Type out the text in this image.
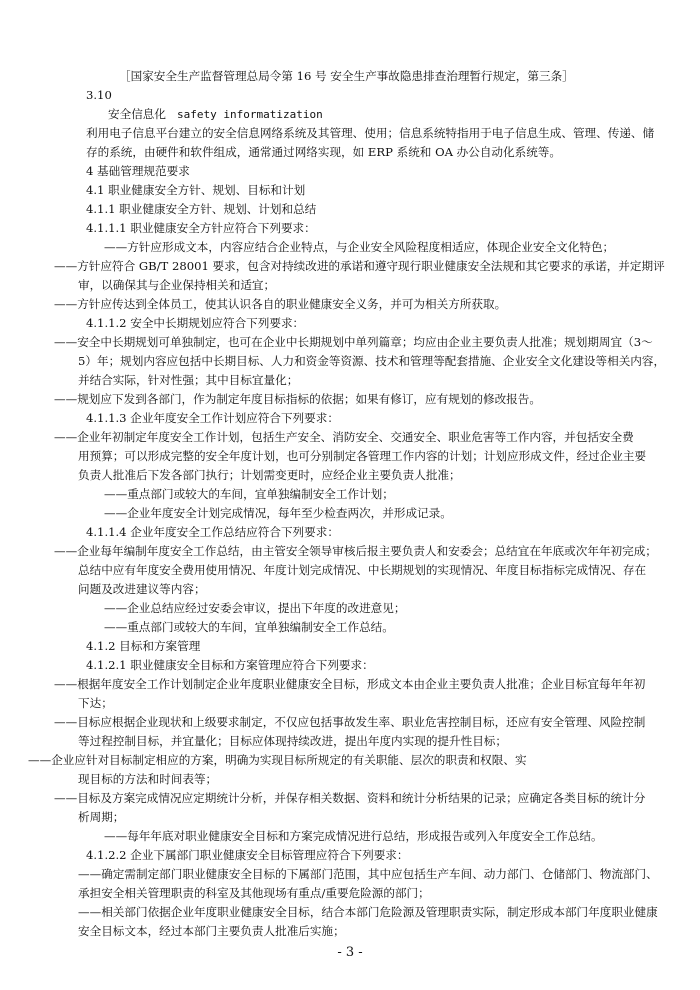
［国家安全生产监督管理总局令第 16 号 安全生产事故隐患排查治理暂行规定，第三条］
3.10
安全信息化 safety informatization
利用电子信息平台建立的安全信息网络系统及其管理、使用；信息系统特指用于电子信息生成、管理、传递、储
存的系统，由硬件和软件组成，通常通过网络实现，如 ERP 系统和 OA 办公自动化系统等。
4 基础管理规范要求
4.1 职业健康安全方针、规划、目标和计划
4.1.1 职业健康安全方针、规划、计划和总结
4.1.1.1 职业健康安全方针应符合下列要求：
——方针应形成文本，内容应结合企业特点，与企业安全风险程度相适应，体现企业安全文化特色；
——方针应符合 GB/T 28001 要求，包含对持续改进的承诺和遵守现行职业健康安全法规和其它要求的承诺，并定期评
审，以确保其与企业保持相关和适宜；
——方针应传达到全体员工，使其认识各自的职业健康安全义务，并可为相关方所获取。
4.1.1.2 安全中长期规划应符合下列要求：
——安全中长期规划可单独制定，也可在企业中长期规划中单列篇章；均应由企业主要负责人批准；规划期周宜（3～
5）年；规划内容应包括中长期目标、人力和资金等资源、技术和管理等配套措施、企业安全文化建设等相关内容，
并结合实际，针对性强；其中目标宜量化；
——规划应下发到各部门，作为制定年度目标指标的依据；如果有修订，应有规划的修改报告。
4.1.1.3 企业年度安全工作计划应符合下列要求：
——企业年初制定年度安全工作计划，包括生产安全、消防安全、交通安全、职业危害等工作内容，并包括安全费
用预算；可以形成完整的安全年度计划，也可分别制定各管理工作内容的计划；计划应形成文件，经过企业主要
负责人批准后下发各部门执行；计划需变更时，应经企业主要负责人批准；
——重点部门或较大的车间，宜单独编制安全工作计划；
——企业年度安全计划完成情况，每年至少检查两次，并形成记录。
4.1.1.4 企业年度安全工作总结应符合下列要求：
——企业每年编制年度安全工作总结，由主管安全领导审核后报主要负责人和安委会；总结宜在年底或次年年初完成；
总结中应有年度安全费用使用情况、年度计划完成情况、中长期规划的实现情况、年度目标指标完成情况、存在
问题及改进建议等内容；
——企业总结应经过安委会审议，提出下年度的改进意见；
——重点部门或较大的车间，宜单独编制安全工作总结。
4.1.2 目标和方案管理
4.1.2.1 职业健康安全目标和方案管理应符合下列要求：
——根据年度安全工作计划制定企业年度职业健康安全目标，形成文本由企业主要负责人批准；企业目标宜每年年初
下达；
——目标应根据企业现状和上级要求制定，不仅应包括事故发生率、职业危害控制目标，还应有安全管理、风险控制
等过程控制目标，并宜量化；目标应体现持续改进，提出年度内实现的提升性目标；
——企业应针对目标制定相应的方案，明确为实现目标所规定的有关职能、层次的职责和权限、实
现目标的方法和时间表等；
——目标及方案完成情况应定期统计分析，并保存相关数据、资料和统计分析结果的记录；应确定各类目标的统计分
析周期；
——每年年底对职业健康安全目标和方案完成情况进行总结，形成报告或列入年度安全工作总结。
4.1.2.2 企业下属部门职业健康安全目标管理应符合下列要求：
——确定需制定部门职业健康安全目标的下属部门范围，其中应包括生产车间、动力部门、仓储部门、物流部门、
承担安全相关管理职责的科室及其他现场有重点/重要危险源的部门；
——相关部门依据企业年度职业健康安全目标，结合本部门危险源及管理职责实际，制定形成本部门年度职业健康
安全目标文本，经过本部门主要负责人批准后实施；
- 3 -
